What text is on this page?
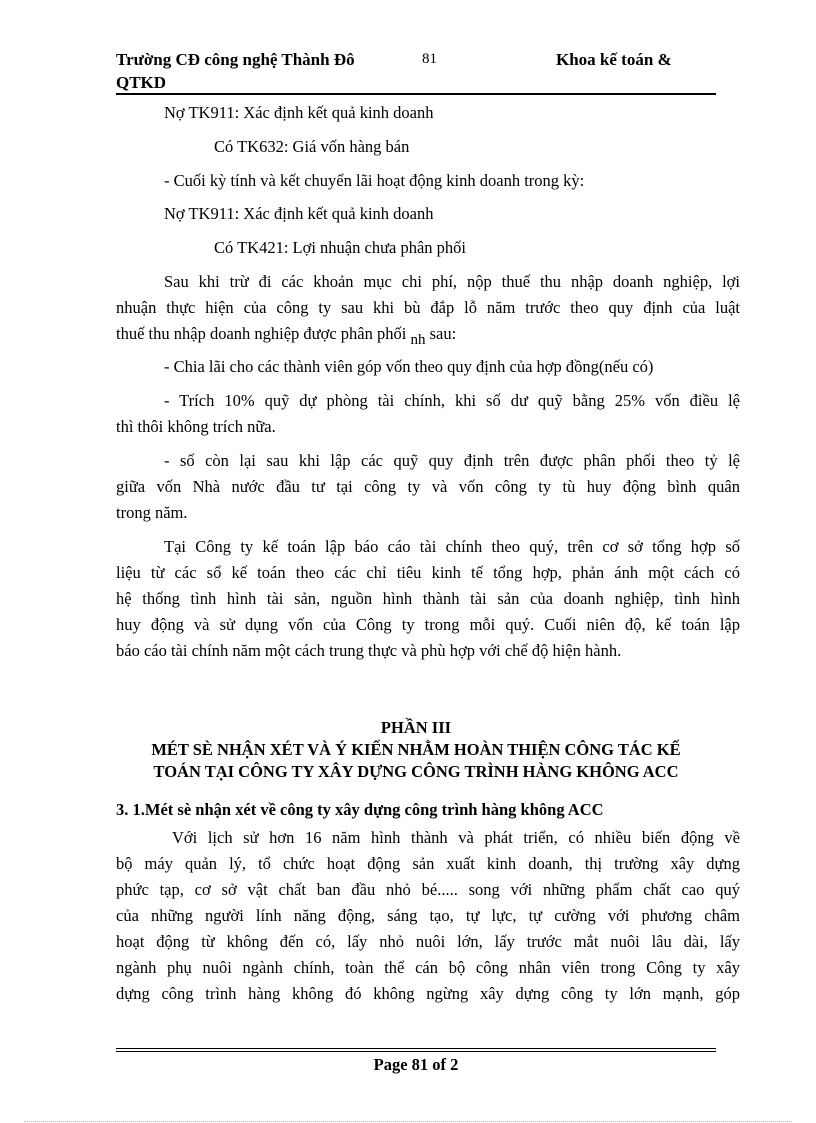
Trường CĐ công nghệ Thành Đô
QTKD
81	Khoa kế toán &
Nợ TK911: Xác định kết quả kinh doanh
Có TK632: Giá vốn hàng bán
- Cuối kỳ tính và kết chuyển lãi hoạt động kinh doanh trong kỳ:
Nợ TK911: Xác định kết quả kinh doanh
Có TK421: Lợi nhuận chưa phân phối
Sau khi trừ đi các khoản mục chi phí, nộp thuế thu nhập doanh nghiệp, lợi
nhuận thực hiện của công ty sau khi bù đắp lỗ năm trước theo quy định của luật
thuế thu nhập doanh nghiệp được phân phối nh sau:
- Chia lãi cho các thành viên góp vốn theo quy định của hợp đồng(nếu có)
- Trích 10% quỹ dự phòng tài chính, khi số dư quỹ bằng 25% vốn điều lệ
thì thôi không trích nữa.
- số còn lại sau khi lập các quỹ quy định trên được phân phối theo tỷ lệ
giữa vốn Nhà nước đầu tư tại công ty và vốn công ty tù huy động bình quân
trong năm.
Tại Công ty kế toán lập báo cáo tài chính theo quý, trên cơ sở tổng hợp số
liệu từ các sổ kế toán theo các chỉ tiêu kinh tế tổng hợp, phản ánh một cách có
hệ thống tình hình tài sản, nguồn hình thành tài sản của doanh nghiệp, tình hình
huy động và sử dụng vốn của Công ty trong mỗi quý. Cuối niên độ, kế toán lập
báo cáo tài chính năm một cách trung thực và phù hợp với chế độ hiện hành.
PHẦN III
MÉT SÈ NHẬN XÉT VÀ Ý KIẾN NHẰM HOÀN THIỆN CÔNG TÁC KẾ
TOÁN TẠI CÔNG TY XÂY DỰNG CÔNG TRÌNH HÀNG KHÔNG ACC
3. 1.Mét sè nhận xét về công ty xây dựng công trình hàng không ACC
Với lịch sử hơn 16 năm hình thành và phát triển, có nhiều biến động về
bộ máy quản lý, tổ chức hoạt động sản xuất kinh doanh, thị trường xây dựng
phức tạp, cơ sở vật chất ban đầu nhỏ bé..... song với những phẩm chất cao quý
của những người lính năng động, sáng tạo, tự lực, tự cường với phương châm
hoạt động từ không đến có, lấy nhỏ nuôi lớn, lấy trước mắt nuôi lâu dài, lấy
ngành phụ nuôi ngành chính, toàn thể cán bộ công nhân viên trong Công ty xây
dựng công trình hàng không đó không ngừng xây dựng công ty lớn mạnh, góp
Page 81 of 2
